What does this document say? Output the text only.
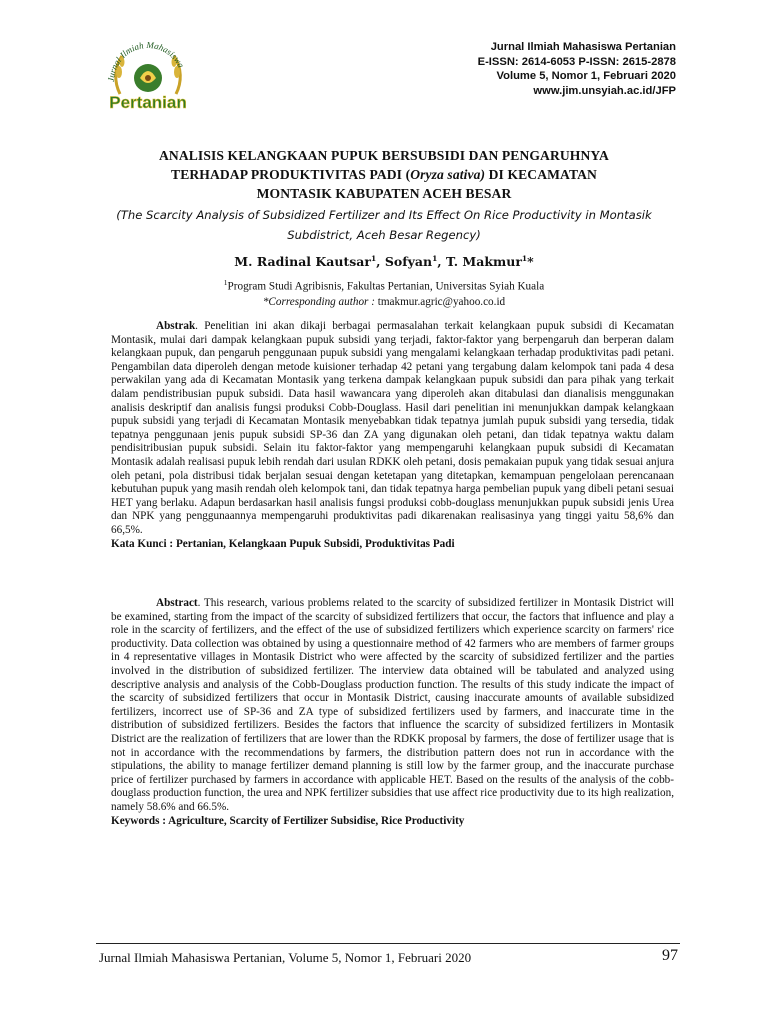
Jurnal Ilmiah Mahasiswa
Pertanian
Jurnal Ilmiah Mahasiswa Pertanian
E-ISSN: 2614-6053 P-ISSN: 2615-2878
Volume 5, Nomor 1, Februari 2020
www.jim.unsyiah.ac.id/JFP
ANALISIS KELANGKAAN PUPUK BERSUBSIDI DAN PENGARUHNYA
TERHADAP PRODUKTIVITAS PADI (Oryza sativa) DI KECAMATAN
MONTASIK KABUPATEN ACEH BESAR
(The Scarcity Analysis of Subsidized Fertilizer and Its Effect On Rice Productivity in Montasik Subdistrict, Aceh Besar Regency)
M. Radinal Kautsar$^1$, Sofyan$^1$, T. Makmur$^1$*
$^1$Program Studi Agribisnis, Fakultas Pertanian, Universitas Syiah Kuala
*Corresponding author : tmakmur.agric@yahoo.co.id
Abstrak. Penelitian ini akan dikaji berbagai permasalahan terkait kelangkaan pupuk subsidi di Kecamatan Montasik, mulai dari dampak kelangkaan pupuk subsidi yang terjadi, faktor-faktor yang berpengaruh dan berperan dalam kelangkaan pupuk, dan pengaruh penggunaan pupuk subsidi yang mengalami kelangkaan terhadap produktivitas padi petani. Pengambilan data diperoleh dengan metode kuisioner terhadap 42 petani yang tergabung dalam kelompok tani pada 4 desa perwakilan yang ada di Kecamatan Montasik yang terkena dampak kelangkaan pupuk subsidi dan para pihak yang terkait dalam pendistribusian pupuk subsidi. Data hasil wawancara yang diperoleh akan ditabulasi dan dianalisis menggunakan analisis deskriptif dan analisis fungsi produksi Cobb-Douglass. Hasil dari penelitian ini menunjukkan dampak kelangkaan pupuk subsidi yang terjadi di Kecamatan Montasik menyebabkan tidak tepatnya jumlah pupuk subsidi yang tersedia, tidak tepatnya penggunaan jenis pupuk subsidi SP-36 dan ZA yang digunakan oleh petani, dan tidak tepatnya waktu dalam pendisitribusian pupuk subsidi. Selain itu faktor-faktor yang mempengaruhi kelangkaan pupuk subsidi di Kecamatan Montasik adalah realisasi pupuk lebih rendah dari usulan RDKK oleh petani, dosis pemakaian pupuk yang tidak sesuai anjura oleh petani, pola distribusi tidak berjalan sesuai dengan ketetapan yang ditetapkan, kemampuan pengelolaan perencanaan kebutuhan pupuk yang masih rendah oleh kelompok tani, dan tidak tepatnya harga pembelian pupuk yang dibeli petani sesuai HET yang berlaku. Adapun berdasarkan hasil analisis fungsi produksi cobb-douglass menunjukkan pupuk subsidi jenis Urea dan NPK yang penggunaannya mempengaruhi produktivitas padi dikarenakan realisasinya yang tinggi yaitu 58,6% dan 66,5%.
Kata Kunci : Pertanian, Kelangkaan Pupuk Subsidi, Produktivitas Padi
Abstract. This research, various problems related to the scarcity of subsidized fertilizer in Montasik District will be examined, starting from the impact of the scarcity of subsidized fertilizers that occur, the factors that influence and play a role in the scarcity of fertilizers, and the effect of the use of subsidized fertilizers which experience scarcity on farmers' rice productivity. Data collection was obtained by using a questionnaire method of 42 farmers who are members of farmer groups in 4 representative villages in Montasik District who were affected by the scarcity of subsidized fertilizer and the parties involved in the distribution of subsidized fertilizer. The interview data obtained will be tabulated and analyzed using descriptive analysis and analysis of the Cobb-Douglass production function. The results of this study indicate the impact of the scarcity of subsidized fertilizers that occur in Montasik District, causing inaccurate amounts of available subsidized fertilizers, incorrect use of SP-36 and ZA type of subsidized fertilizers used by farmers, and inaccurate time in the distribution of subsidized fertilizers. Besides the factors that influence the scarcity of subsidized fertilizers in Montasik District are the realization of fertilizers that are lower than the RDKK proposal by farmers, the dose of fertilizer usage that is not in accordance with the recommendations by farmers, the distribution pattern does not run in accordance with the stipulations, the ability to manage fertilizer demand planning is still low by the farmer group, and the inaccurate purchase price of fertilizer purchased by farmers in accordance with applicable HET. Based on the results of the analysis of the cobb-douglass production function, the urea and NPK fertilizer subsidies that use affect rice productivity due to its high realization, namely 58.6% and 66.5%.
Keywords : Agriculture, Scarcity of Fertilizer Subsidise, Rice Productivity
Jurnal Ilmiah Mahasiswa Pertanian, Volume 5, Nomor 1, Februari 2020	97
